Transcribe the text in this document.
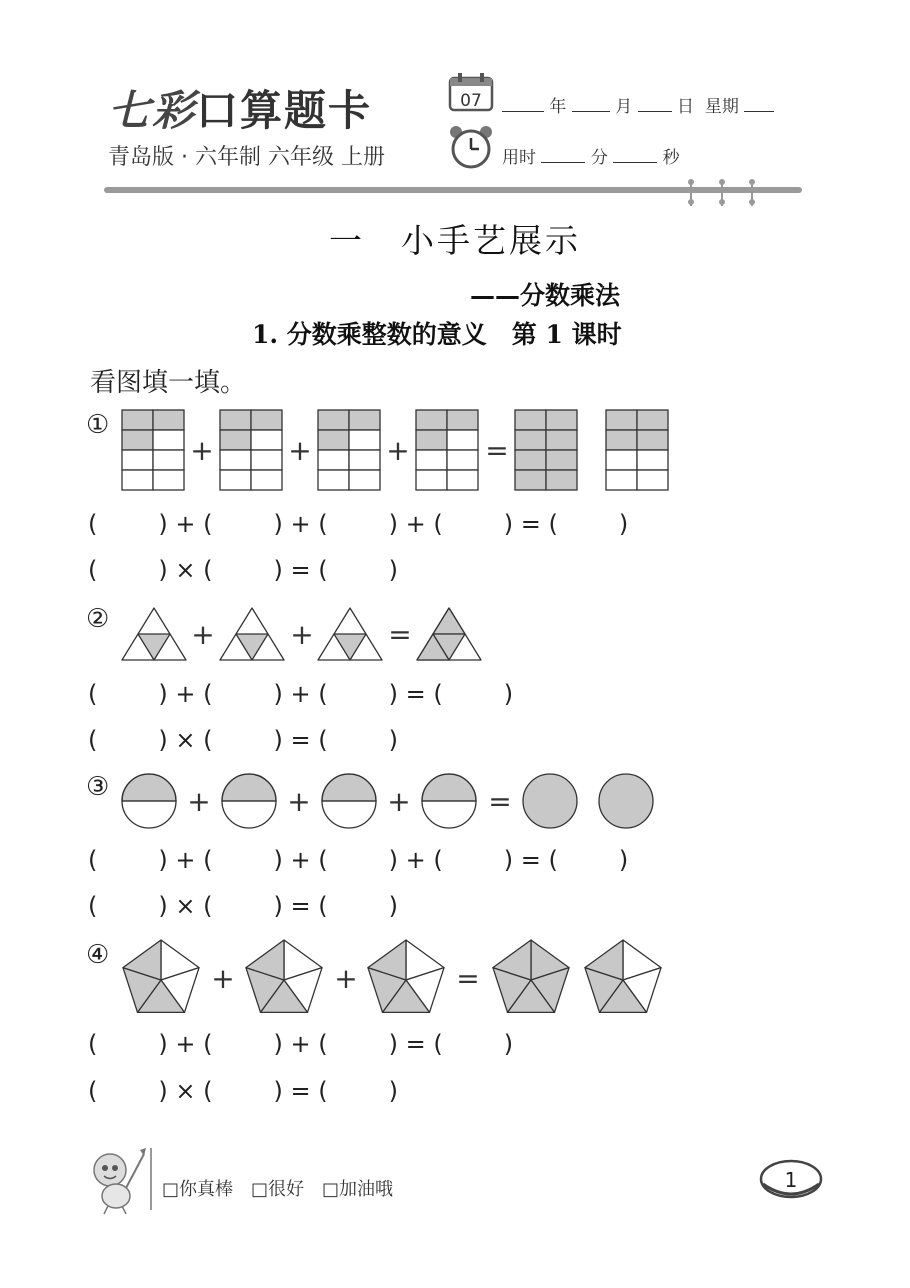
七彩口算题卡
青岛版 · 六年制 六年级 上册
07	年	月	日 星期
用时	分	秒
一　小手艺展示
——分数乘法
1. 分数乘整数的意义　第 1 课时
看图填一填。
①
②
③
④
(        ) + (        ) + (        ) + (        ) = (        )
(        ) × (        ) = (        )
(        ) + (        ) + (        ) = (        )
(        ) × (        ) = (        )
(        ) + (        ) + (        ) + (        ) = (        )
(        ) × (        ) = (        )
(        ) + (        ) + (        ) = (        )
(        ) × (        ) = (        )
+	+	+	=
+	+	=
+	+	+	=
+	+	=
□你真棒　□很好　□加油哦	1
